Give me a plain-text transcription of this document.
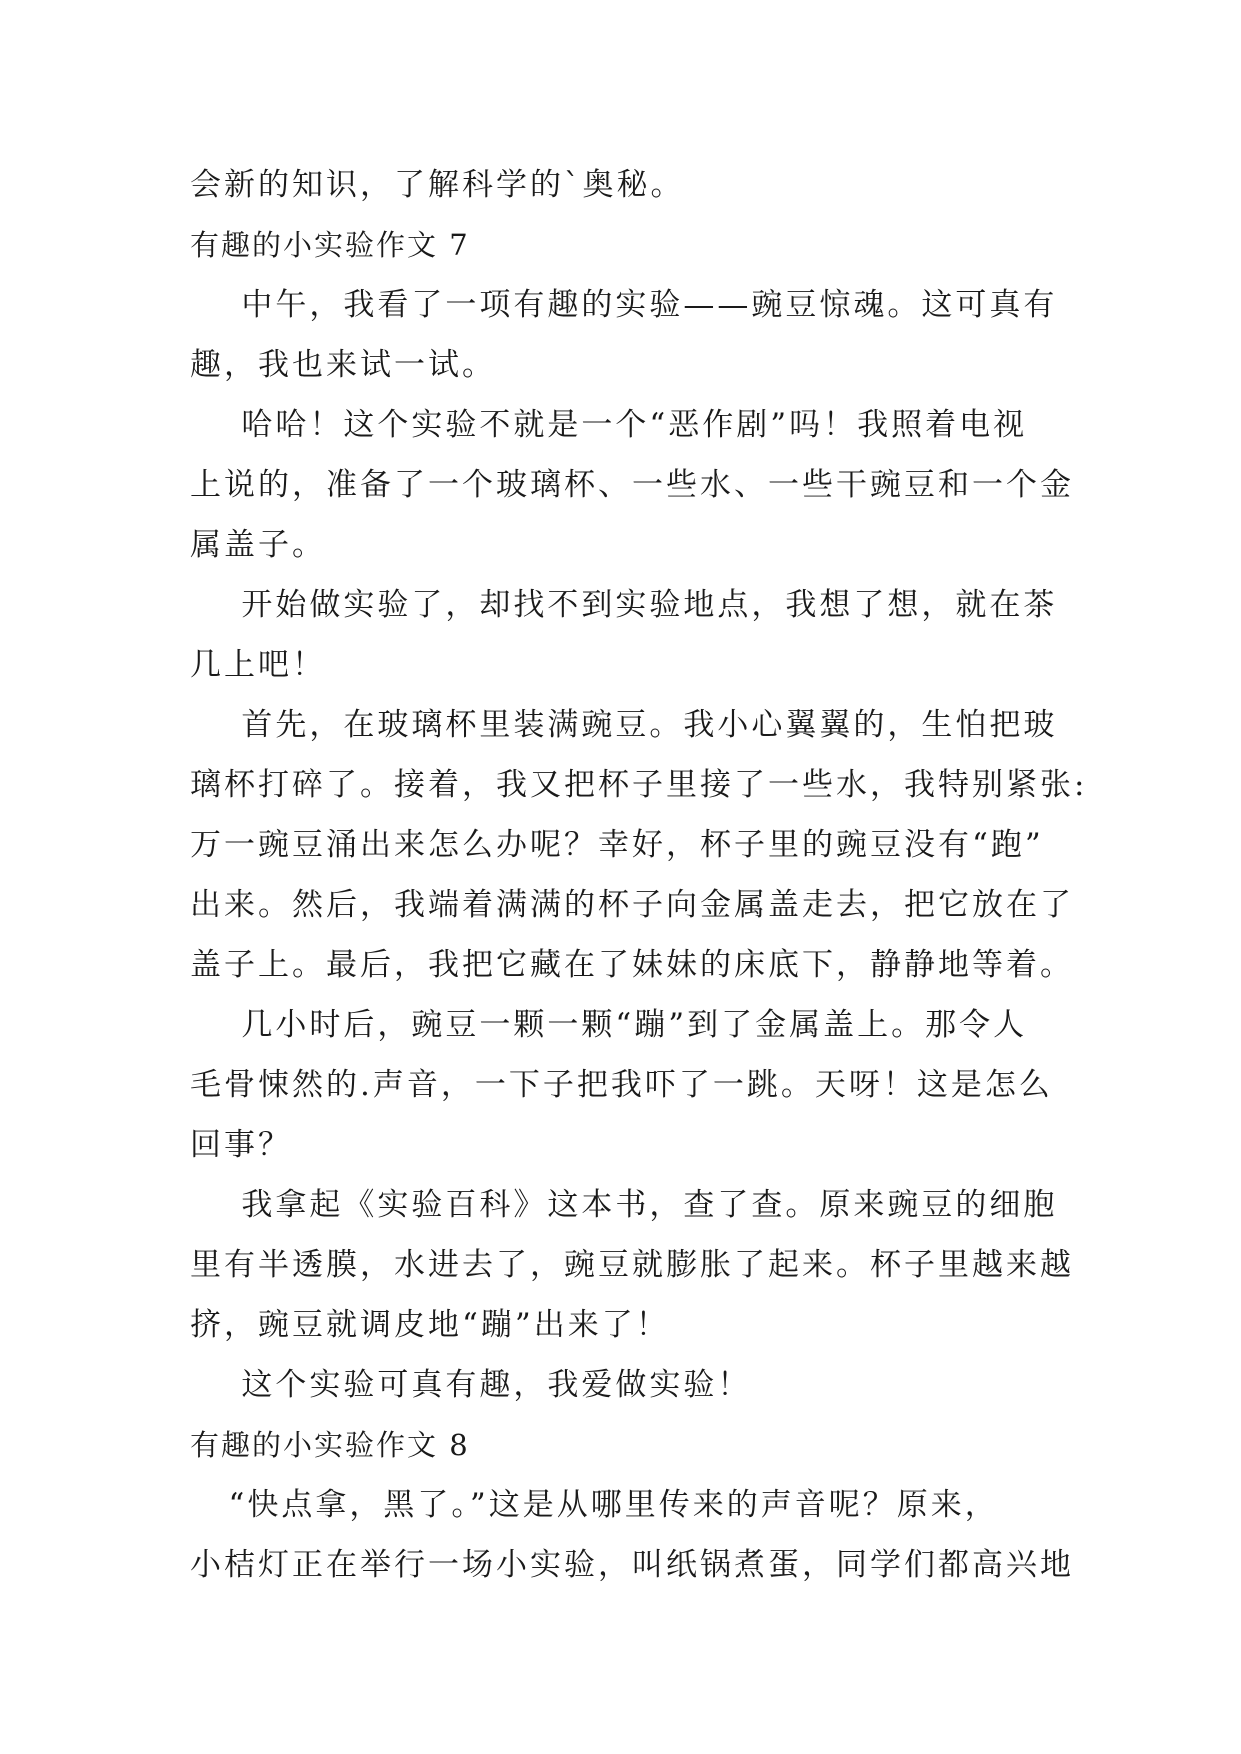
会新的知识，了解科学的`奥秘。
有趣的小实验作文 7
中午，我看了一项有趣的实验——豌豆惊魂。这可真有
趣，我也来试一试。
哈哈！这个实验不就是一个“恶作剧”吗！我照着电视
上说的，准备了一个玻璃杯、一些水、一些干豌豆和一个金
属盖子。
开始做实验了，却找不到实验地点，我想了想，就在茶
几上吧！
首先，在玻璃杯里装满豌豆。我小心翼翼的，生怕把玻
璃杯打碎了。接着，我又把杯子里接了一些水，我特别紧张:
万一豌豆涌出来怎么办呢？幸好，杯子里的豌豆没有“跑”
出来。然后，我端着满满的杯子向金属盖走去，把它放在了
盖子上。最后，我把它藏在了妹妹的床底下，静静地等着。
几小时后，豌豆一颗一颗“蹦”到了金属盖上。那令人
毛骨悚然的.声音，一下子把我吓了一跳。天呀！这是怎么
回事？
我拿起《实验百科》这本书，查了查。原来豌豆的细胞
里有半透膜，水进去了，豌豆就膨胀了起来。杯子里越来越
挤，豌豆就调皮地“蹦”出来了！
这个实验可真有趣，我爱做实验！
有趣的小实验作文 8
“快点拿，黑了。”这是从哪里传来的声音呢？原来，
小桔灯正在举行一场小实验，叫纸锅煮蛋，同学们都高兴地
